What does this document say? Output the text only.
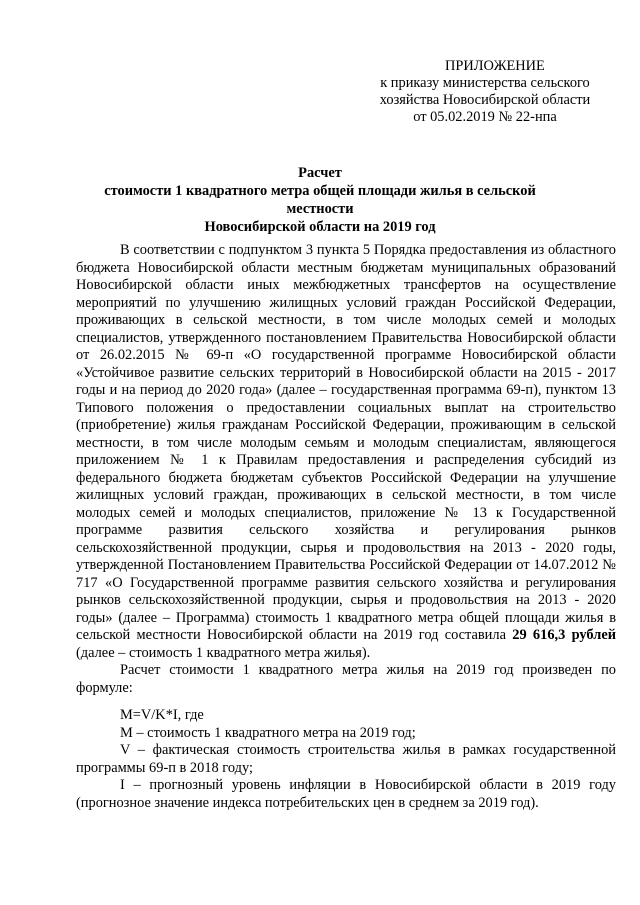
ПРИЛОЖЕНИЕ
к приказу министерства сельского
хозяйства Новосибирской области
от 05.02.2019 № 22-нпа
Расчет
стоимости 1 квадратного метра общей площади жилья в сельской местности
Новосибирской области на 2019 год

В соответствии с подпунктом 3 пункта 5 Порядка предоставления из областного бюджета Новосибирской области местным бюджетам муниципальных образований Новосибирской области иных межбюджетных трансфертов на осуществление мероприятий по улучшению жилищных условий граждан Российской Федерации, проживающих в сельской местности, в том числе молодых семей и молодых специалистов, утвержденного постановлением Правительства Новосибирской области от 26.02.2015 № 69-п «О государственной программе Новосибирской области «Устойчивое развитие сельских территорий в Новосибирской области на 2015 - 2017 годы и на период до 2020 года» (далее – государственная программа 69-п), пунктом 13 Типового положения о предоставлении социальных выплат на строительство (приобретение) жилья гражданам Российской Федерации, проживающим в сельской местности, в том числе молодым семьям и молодым специалистам, являющегося приложением № 1 к Правилам предоставления и распределения субсидий из федерального бюджета бюджетам субъектов Российской Федерации на улучшение жилищных условий граждан, проживающих в сельской местности, в том числе молодых семей и молодых специалистов, приложение № 13 к Государственной программе развития сельского хозяйства и регулирования рынков сельскохозяйственной продукции, сырья и продовольствия на 2013 - 2020 годы, утвержденной Постановлением Правительства Российской Федерации от 14.07.2012 № 717 «О Государственной программе развития сельского хозяйства и регулирования рынков сельскохозяйственной продукции, сырья и продовольствия на 2013 - 2020 годы» (далее – Программа) стоимость 1 квадратного метра общей площади жилья в сельской местности Новосибирской области на 2019 год составила 29 616,3 рублей (далее – стоимость 1 квадратного метра жилья).

Расчет стоимости 1 квадратного метра жилья на 2019 год произведен по формуле:

M=V/K*I, где

М – стоимость 1 квадратного метра на 2019 год;

V – фактическая стоимость строительства жилья в рамках государственной программы 69-п в 2018 году;

I – прогнозный уровень инфляции в Новосибирской области в 2019 году (прогнозное значение индекса потребительских цен в среднем за 2019 год).
